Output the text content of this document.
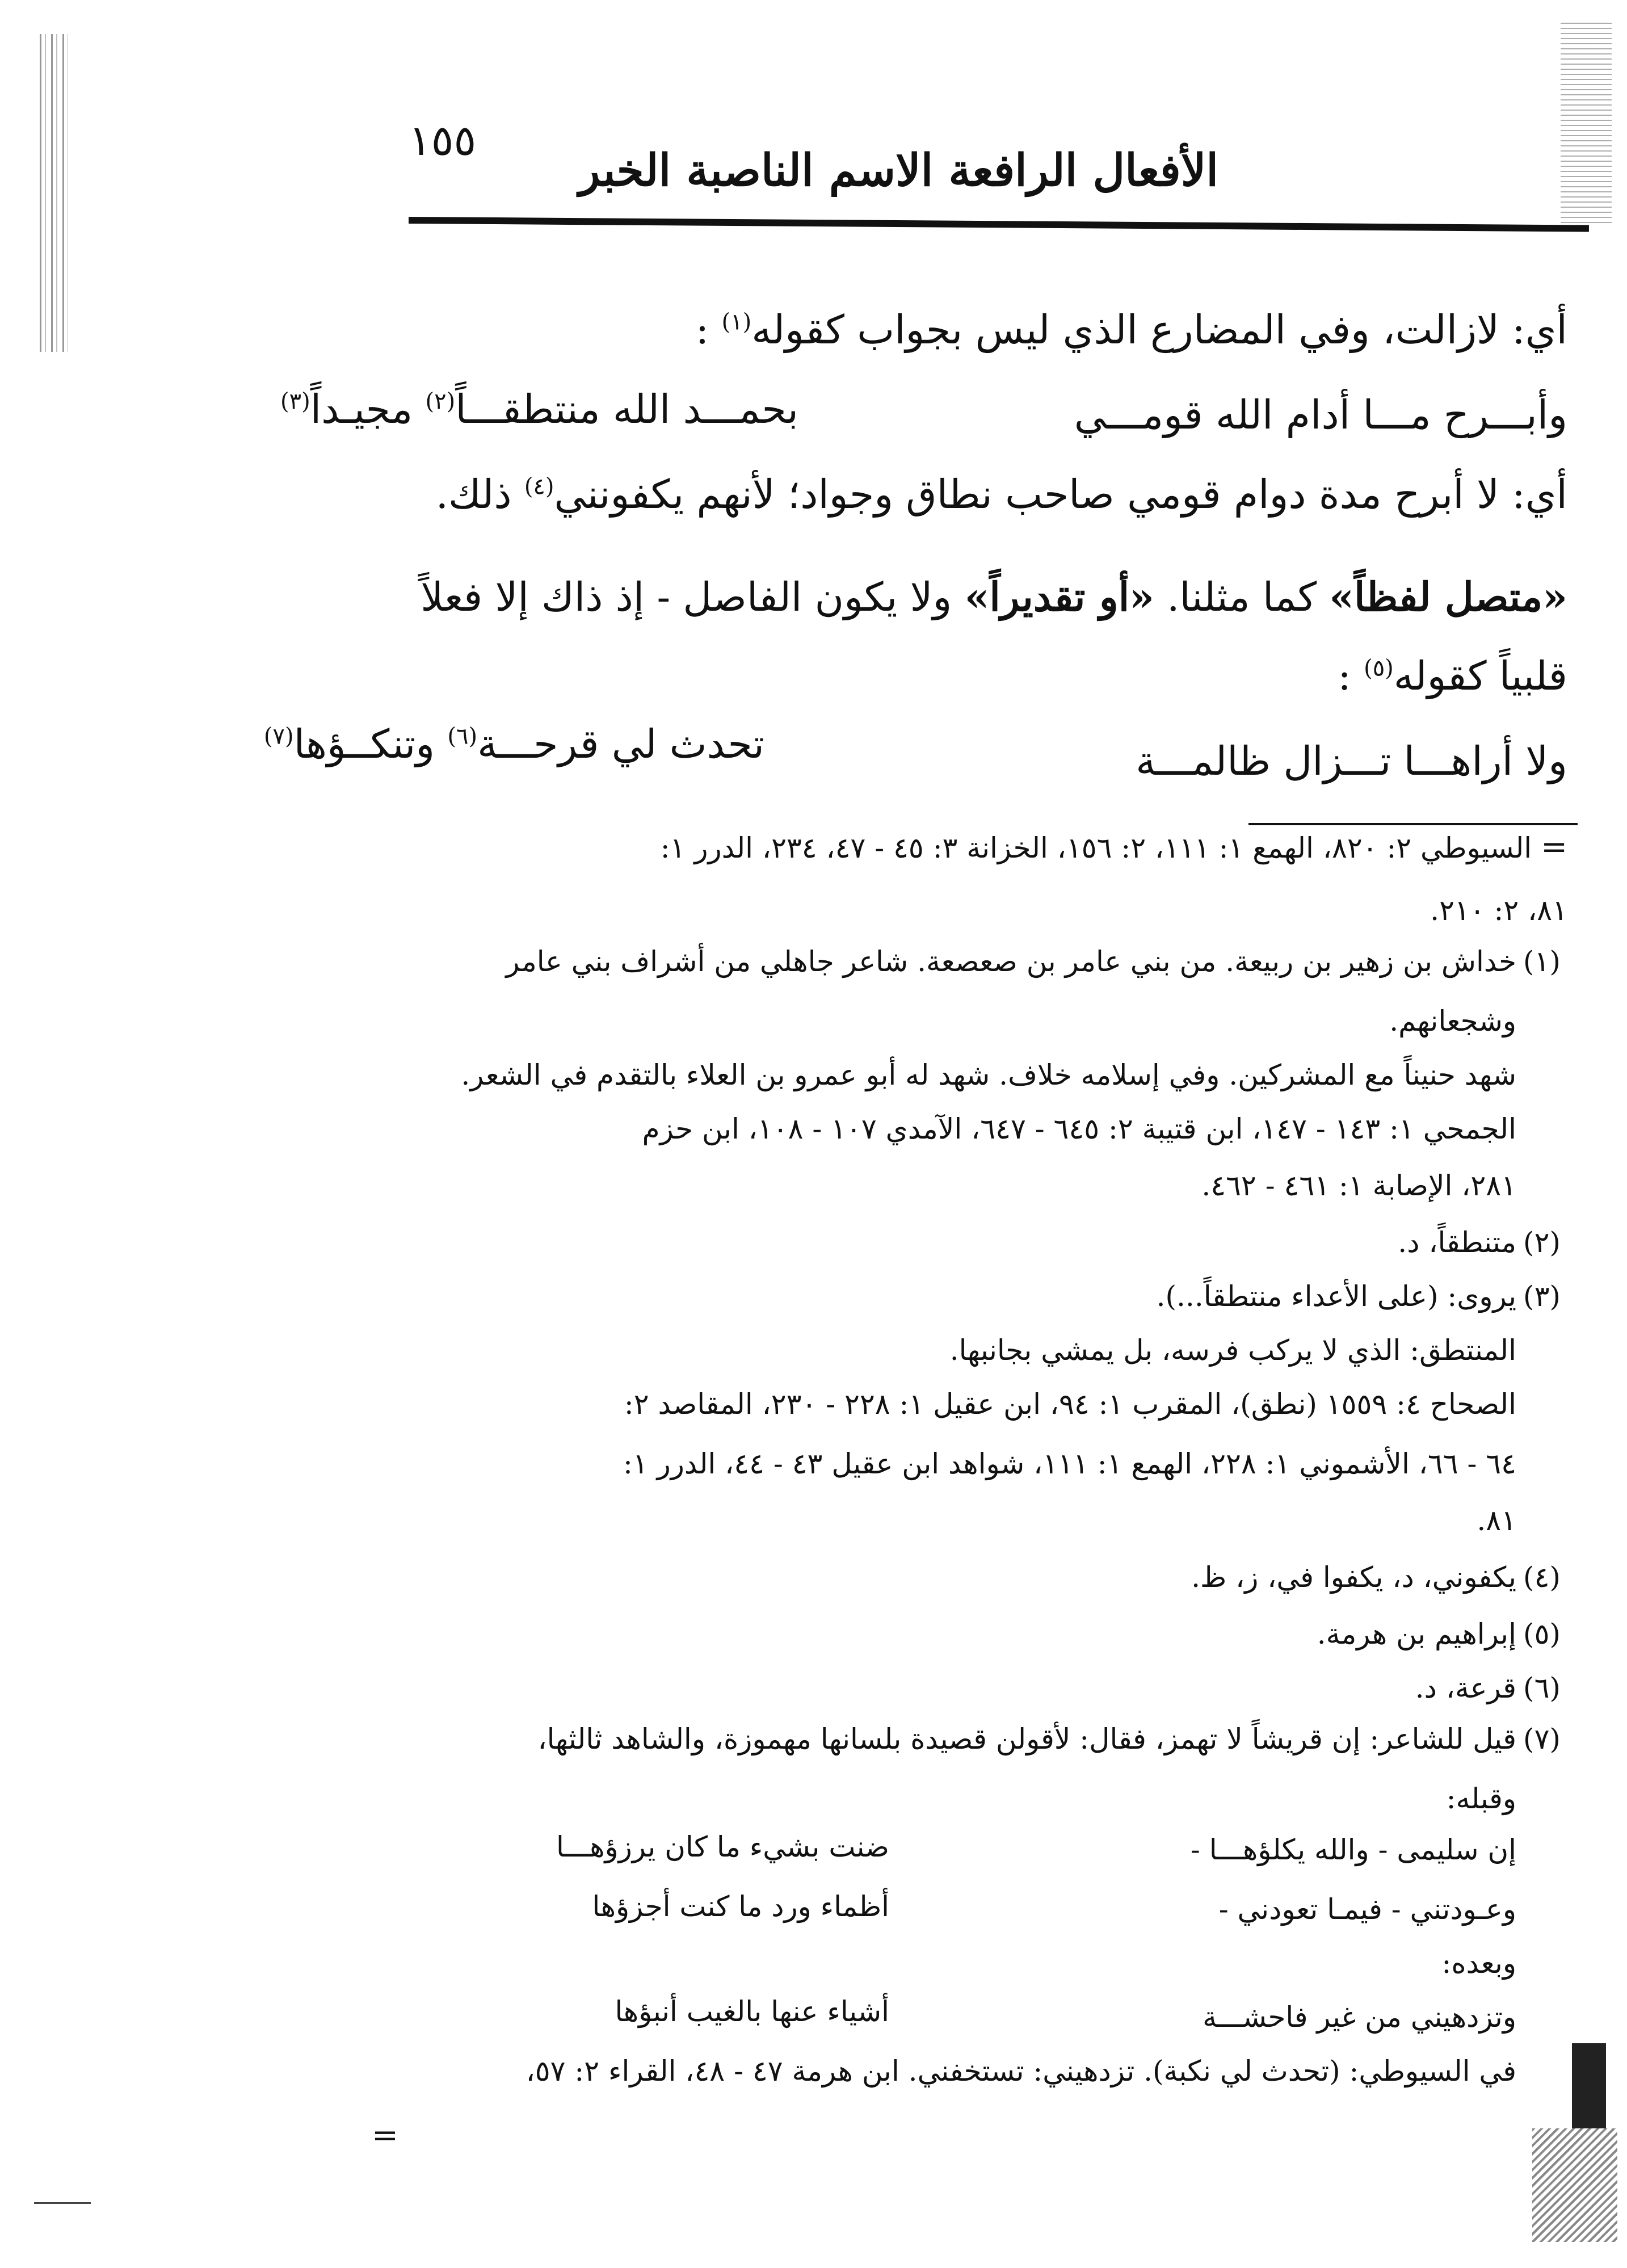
١٥٥
الأفعال الرافعة الاسم الناصبة الخبر
أي: لازالت، وفي المضارع الذي ليس بجواب كقوله$^{(١)}$ :
وأبـــرح مـــا أدام الله قومـــي
بحمـــد الله منتطقـــاً$^{(٢)}$ مجيـداً$^{(٣)}$
أي: لا أبرح مدة دوام قومي صاحب نطاق وجواد؛ لأنهم يكفونني$^{(٤)}$ ذلك.
«متصل لفظاً» كما مثلنا. «أو تقديراً» ولا يكون الفاصل - إذ ذاك إلا فعلاً
قلبياً كقوله$^{(٥)}$ :
ولا أراهـــا تـــزال ظالمـــة
تحدث لي قرحـــة$^{(٦)}$ وتنكــؤها$^{(٧)}$
= السيوطي ٢: ٨٢٠، الهمع ١: ١١١، ٢: ١٥٦، الخزانة ٣: ٤٥ - ٤٧، ٢٣٤، الدرر ١:
٨١، ٢: ٢١٠.
(١)خداش بن زهير بن ربيعة. من بني عامر بن صعصعة. شاعر جاهلي من أشراف بني عامر
وشجعانهم.
شهد حنيناً مع المشركين. وفي إسلامه خلاف. شهد له أبو عمرو بن العلاء بالتقدم في الشعر.
الجمحي ١: ١٤٣ - ١٤٧، ابن قتيبة ٢: ٦٤٥ - ٦٤٧، الآمدي ١٠٧ - ١٠٨، ابن حزم
٢٨١، الإصابة ١: ٤٦١ - ٤٦٢.
(٢)متنطقاً، د.
(٣)يروى: (على الأعداء منتطقاً...).
المنتطق: الذي لا يركب فرسه، بل يمشي بجانبها.
الصحاح ٤: ١٥٥٩ (نطق)، المقرب ١: ٩٤، ابن عقيل ١: ٢٢٨ - ٢٣٠، المقاصد ٢:
٦٤ - ٦٦، الأشموني ١: ٢٢٨، الهمع ١: ١١١، شواهد ابن عقيل ٤٣ - ٤٤، الدرر ١:
٨١.
(٤)يكفوني، د، يكفوا في، ز، ظ.
(٥)إبراهيم بن هرمة.
(٦)قرعة، د.
(٧)قيل للشاعر: إن قريشاً لا تهمز، فقال: لأقولن قصيدة بلسانها مهموزة، والشاهد ثالثها،
وقبله:
إن سليمى - والله يكلؤهـــا -
ضنت بشيء ما كان يرزؤهـــا
وعـودتني - فيمـا تعودني -
أظماء ورد ما كنت أجزؤها
وبعده:
وتزدهيني من غير فاحشـــة
أشياء عنها بالغيب أنبؤها
في السيوطي: (تحدث لي نكبة). تزدهيني: تستخفني. ابن هرمة ٤٧ - ٤٨، القراء ٢: ٥٧،
=
